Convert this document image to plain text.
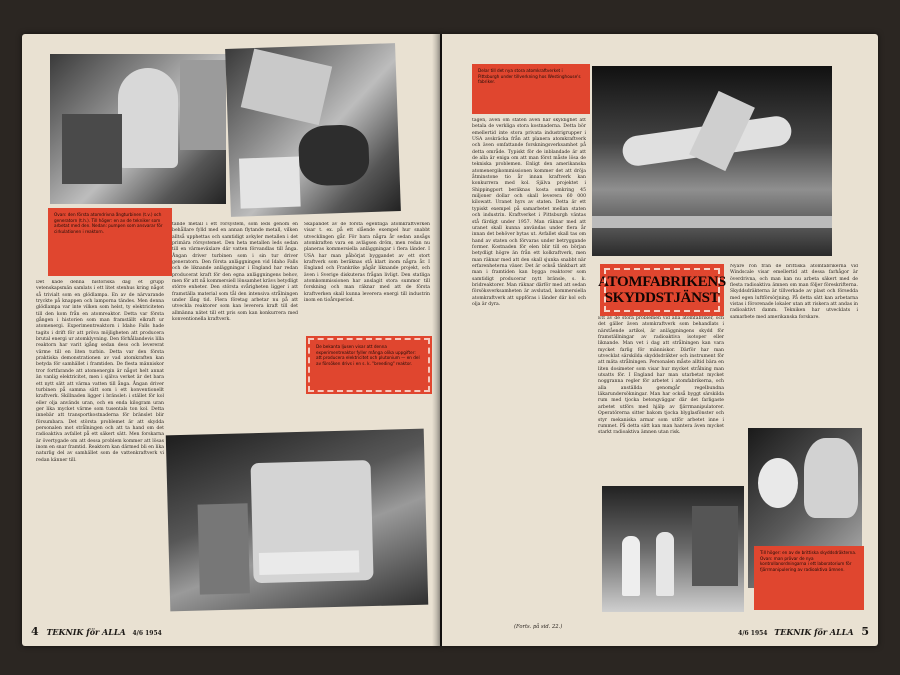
Ovan: den första atomdrivna ångturbinen (t.v.) och generatorn (t.h.). Till höger: en av de tekniker som arbetat med den. Nedan: pumpen som ansvarar för cirkulationen i reaktorn.
Det kade denna historiska dag et grupp vetenskapsmän samlats i ett litet stenhus kring något så trivialt som en glödlampa. En av de närvarande tryckte på knappen och lamporna tändes. Men denna glödlampa var inte vilken som helst, ty elektriciteten till den kom från en atomreaktor. Detta var första gången i historien som man framställt elkraft ur atomenergi. Experimentreaktorn i Idaho Falls hade tagits i drift för att pröva möjligheten att producera brutal energi ur atomklyvning. Den förhållandevis lilla reaktorn har varit igång sedan dess och levererat värme till en liten turbin. Detta var den första praktiska demonstrationen av vad atomkraften kan betyda för samhället i framtiden. De flesta människor tror fortfarande att atomenergin är något helt annat än vanlig elektricitet, men i själva verket är det bara ett nytt sätt att värma vatten till ånga. Ångan driver turbinen på samma sätt som i ett konventionellt kraftverk. Skillnaden ligger i bränslet: i stället för kol eller olja används uran, och en enda kilogram uran ger lika mycket värme som tusentals ton kol. Detta innebär att transportkostnaderna för bränslet blir försumbara. Det största problemet är att skydda personalen mot strålningen och att ta hand om det radioaktiva avfallet på ett säkert sätt. Men forskarna är övertygade om att dessa problem kommer att lösas inom en snar framtid. Reaktorn kan därmed bli en lika naturlig del av samhället som de vattenkraftverk vi redan känner till.
tande metall i ett rörsystem, som leds genom en behållare fylld med en annan flytande metall, vilken alltså upphettas och samtidigt avkyler metallen i det primära rörsystemet. Den heta metallen leds sedan till en värmeväxlare där vatten förvandlas till ånga. Ångan driver turbinen som i sin tur driver generatorn. Den första anläggningen vid Idaho Falls och de liknande anläggningar i England har redan producerat kraft för den egna anläggningens behov, men för att nå kommersiell lönsamhet krävs betydligt större enheter. Den största svårigheten ligger i att framställa material som tål den intensiva strålningen under lång tid. Flera företag arbetar nu på att utveckla reaktorer som kan leverera kraft till det allmänna nätet till ett pris som kan konkurrera med konventionella kraftverk.
Skapandet av de första egentliga atomkraftverken visar t. ex. på ett slående exempel hur snabbt utvecklingen går. För bara några år sedan ansågs atomkraften vara en avlägsen dröm, men redan nu planeras kommersiella anläggningar i flera länder. I USA har man påbörjat byggandet av ett stort kraftverk som beräknas stå klart inom några år. I England och Frankrike pågår liknande projekt, och även i Sverige diskuteras frågan livligt. Den statliga atomkommissionen har anslagit stora summor till forskning och man räknar med att de första kraftverken skall kunna leverera energi till industrin inom en tioårsperiod.
De bekanta ljusen visar att denna experimentreaktor fyller många olika uppgifter: att producera elektricitet och plutonium — en del av försöken drivs i en s. k. "breeding" reaktor.
4 TEKNIK för ALLA 4/6 1954
Delar till det nya stora atomkraftverket i Pittsburgh under tillverkning hos Westinghouse's fabriker.
tagen, även om staten även har skyldighet att betala de verkliga stora kostnaderna. Detta bör emellertid inte stora privata industrigrupper i USA avskräcka från att planera atomkraftverk och även omfattande forskningsverksamhet på detta område. Typiskt för de inblandade är att de alla är eniga om att man först måste lösa de tekniska problemen. Enligt den amerikanska atomenergikommissionen kommer det att dröja åtminstone tio år innan kraftverk kan konkurrera med kol. Själva projektet i Shippingport beräknas kosta omkring 45 miljoner dollar och skall leverera 60 000 kilowatt. Uranet hyrs av staten. Detta är ett typiskt exempel på samarbetet mellan staten och industrin. Kraftverket i Pittsburgh väntas stå färdigt under 1957. Man räknar med att uranet skall kunna användas under flera år innan det behöver bytas ut. Avfallet skall tas om hand av staten och förvaras under betryggande former. Kostnaden för elen blir till en början betydligt högre än från ett kolkraftverk, men man räknar med att den skall sjunka snabbt när erfarenheterna växer. Det är också tänkbart att man i framtiden kan bygga reaktorer som samtidigt producerar nytt bränsle, s. k. bridreaktorer. Man räknar därför med att sedan försöksverksamheten är avslutad, kommersiella atomkraftverk att uppföras i länder där kol och olja är dyra.
ATOMFABRIKENS
SKYDDSTJÄNST
Ett av de stora problemen vid alla atomfabriker, och det gäller även atomkraftverk som behandlats i närstående artikel, är anläggningens skydd för framställningar av radioaktiva isotoper eller liknande. Man vet i dag att strålningen kan vara mycket farlig för människor. Därför har man utvecklat särskilda skyddsdräkter och instrument för att mäta strålningen. Personalen måste alltid bära en liten dosimeter som visar hur mycket strålning man utsatts för. I England har man utarbetat mycket noggranna regler för arbetet i atomfabrikerna, och alla anställda genomgår regelbundna läkarundersökningar. Man har också byggt särskilda rum med tjocka betongväggar där det farligaste arbetet utförs med hjälp av fjärrmanipulatorer. Operatörerna sitter bakom tjocka blyglasfönster och styr mekaniska armar som utför arbetet inne i rummet. På detta sätt kan man hantera även mycket starkt radioaktiva ämnen utan risk.
Nyare rön från de brittiska atomfabrikerna vid Windscale visar emellertid att dessa farhågor är överdrivna, och man kan nu arbeta säkert med de flesta radioaktiva ämnen om man följer föreskrifterna. Skyddsdräkterna är tillverkade av plast och försedda med egen luftförsörjning. På detta sätt kan arbetarna vistas i förorenade lokaler utan att riskera att andas in radioaktivt damm. Tekniken har utvecklats i samarbete med amerikanska forskare.
(Forts. på sid. 22.)
Till höger: en av de brittiska skyddsdräkterna. Ovan: man prövar de nya kontrollanordningarna i ett laboratorium för fjärrmanipulering av radioaktiva ämnen.
4/6 1954 TEKNIK för ALLA 5
